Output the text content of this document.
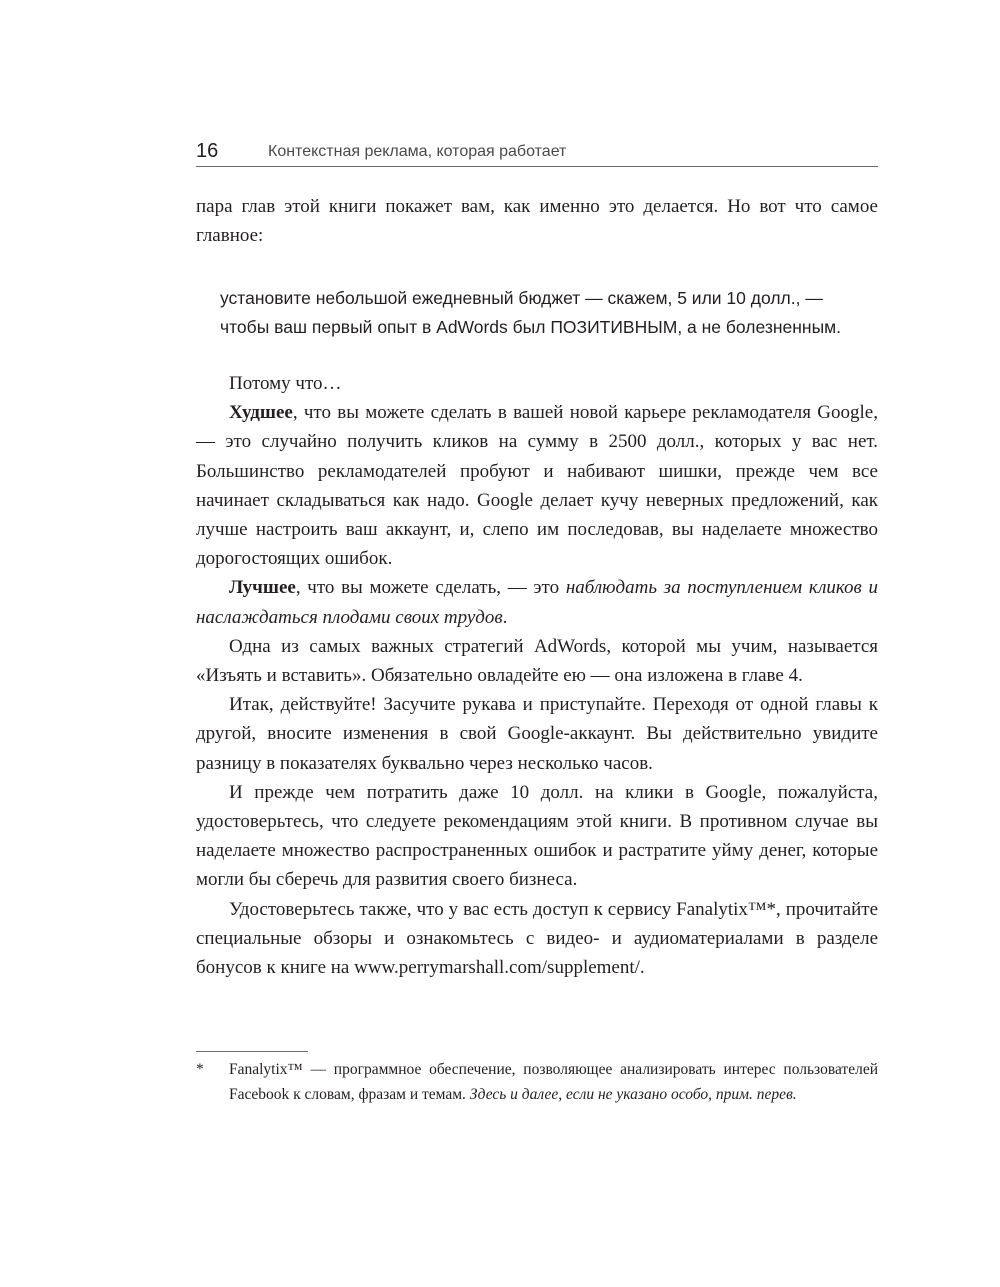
16	Контекстная реклама, которая работает

пара глав этой книги покажет вам, как именно это делается. Но вот что самое главное:

установите небольшой ежедневный бюджет — скажем, 5 или 10 долл., —
чтобы ваш первый опыт в AdWords был ПОЗИТИВНЫМ, а не болезненным.

Потому что…

Худшее, что вы можете сделать в вашей новой карьере рекламодателя Google, — это случайно получить кликов на сумму в 2500 долл., которых у вас нет. Большинство рекламодателей пробуют и набивают шишки, прежде чем все начинает складываться как надо. Google делает кучу неверных предложений, как лучше настроить ваш аккаунт, и, слепо им последовав, вы наделаете множество дорогостоящих ошибок.

Лучшее, что вы можете сделать, — это наблюдать за поступлением кликов и наслаждаться плодами своих трудов.

Одна из самых важных стратегий AdWords, которой мы учим, называется «Изъять и вставить». Обязательно овладейте ею — она изложена в главе 4.

Итак, действуйте! Засучите рукава и приступайте. Переходя от одной главы к другой, вносите изменения в свой Google-аккаунт. Вы действительно увидите разницу в показателях буквально через несколько часов.

И прежде чем потратить даже 10 долл. на клики в Google, пожалуйста, удостоверьтесь, что следуете рекомендациям этой книги. В противном случае вы наделаете множество распространенных ошибок и растратите уйму денег, которые могли бы сберечь для развития своего бизнеса.

Удостоверьтесь также, что у вас есть доступ к сервису Fanalytix™*, прочитайте специальные обзоры и ознакомьтесь с видео- и аудиоматериалами в разделе бонусов к книге на www.perrymarshall.com/supplement/.

* Fanalytix™ — программное обеспечение, позволяющее анализировать интерес пользователей Facebook к словам, фразам и темам. Здесь и далее, если не указано особо, прим. перев.
